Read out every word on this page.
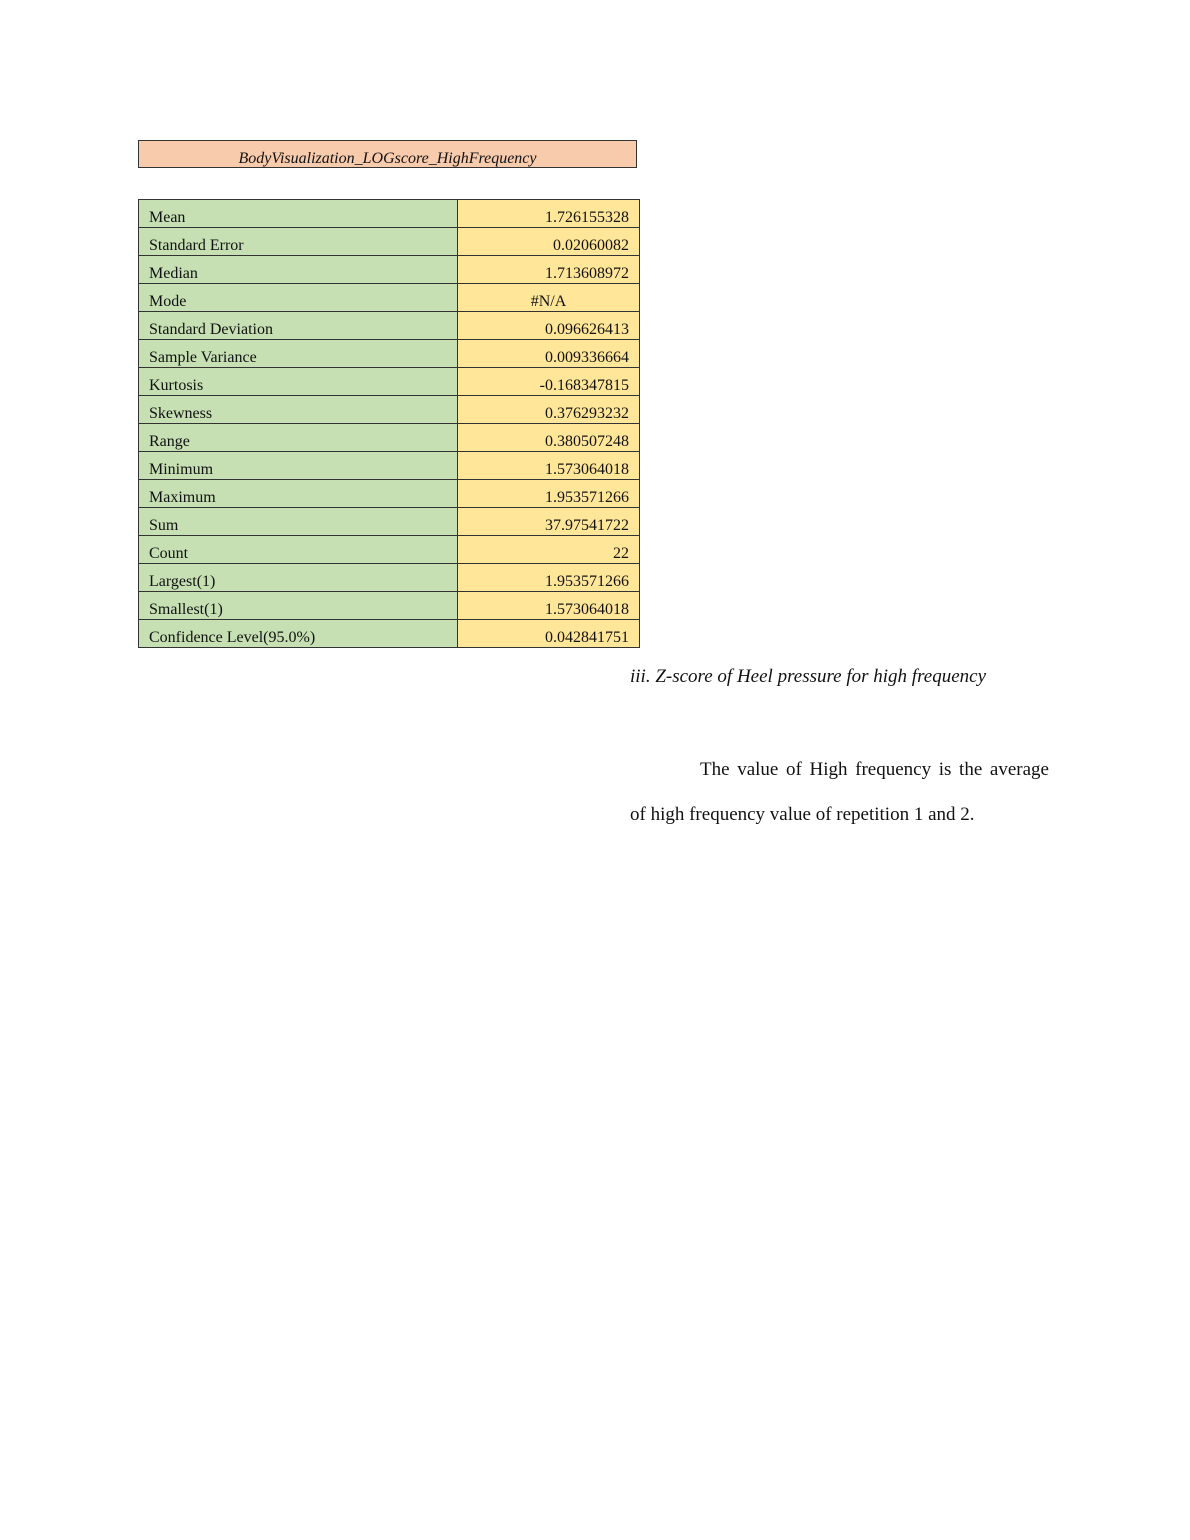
BodyVisualization_LOGscore_HighFrequency
Mean	1.726155328
Standard Error	0.02060082
Median	1.713608972
Mode	#N/A
Standard Deviation	0.096626413
Sample Variance	0.009336664
Kurtosis	-0.168347815
Skewness	0.376293232
Range	0.380507248
Minimum	1.573064018
Maximum	1.953571266
Sum	37.97541722
Count	22
Largest(1)	1.953571266
Smallest(1)	1.573064018
Confidence Level(95.0%)	0.042841751
iii. Z-score of Heel pressure for high frequency

The value of High frequency is the average of high frequency value of repetition 1 and 2.
